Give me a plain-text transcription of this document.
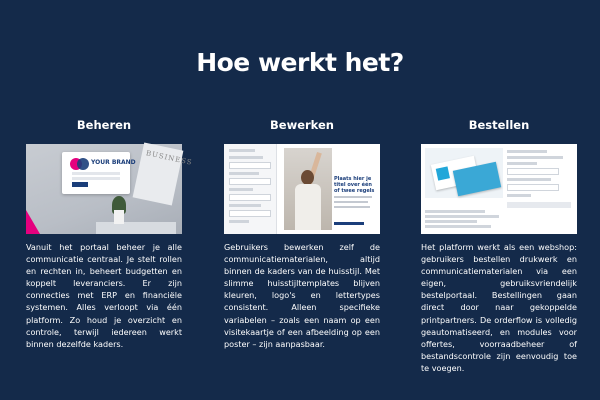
Hoe werkt het?
Beheren
YOUR BRAND BUSINESS

Vanuit het portaal beheer je alle communicatie centraal. Je stelt rollen en rechten in, beheert budgetten en koppelt leveranciers. Er zijn connecties met ERP en financiële systemen. Alles verloopt via één platform. Zo houd je overzicht en controle, terwijl iedereen werkt binnen dezelfde kaders.

Bewerken
Plaats hier je titel over één of twee regels

Gebruikers bewerken zelf de communicatiematerialen, altijd binnen de kaders van de huisstijl. Met slimme huisstijltemplates blijven kleuren, logo's en lettertypes consistent. Alleen specifieke variabelen – zoals een naam op een visitekaartje of een afbeelding op een poster – zijn aanpasbaar.

Bestellen

Het platform werkt als een webshop: gebruikers bestellen drukwerk en communicatiematerialen via een eigen, gebruiksvriendelijk bestelportaal. Bestellingen gaan direct door naar gekoppelde printpartners. De orderflow is volledig geautomatiseerd, en modules voor offertes, voorraadbeheer of bestandscontrole zijn eenvoudig toe te voegen.
